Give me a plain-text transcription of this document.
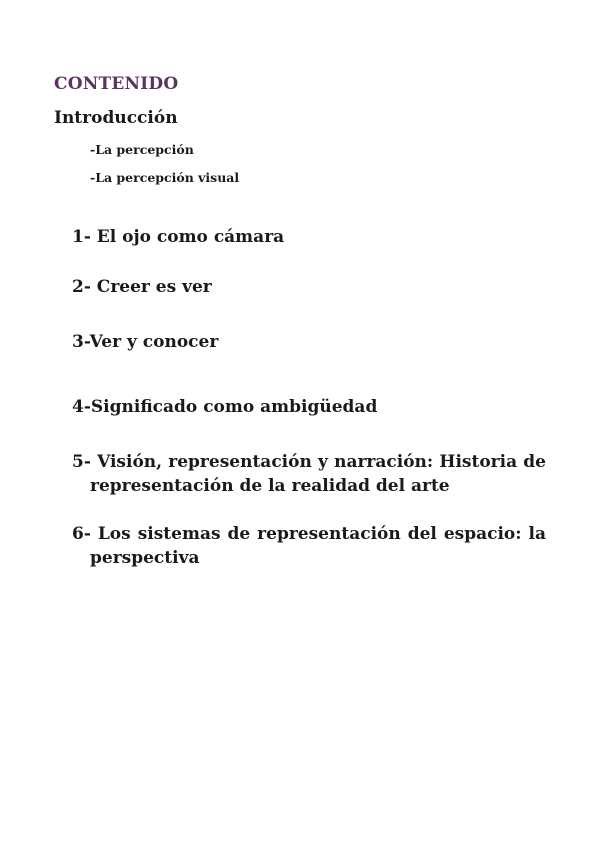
CONTENIDO
Introducción
-La percepción
-La percepción visual
1- El ojo como cámara
2- Creer es ver
3-Ver y conocer
4-Significado como ambigüedad
5- Visión, representación y narración: Historia de representación de la realidad del arte
6- Los sistemas de representación del espacio: la perspectiva
